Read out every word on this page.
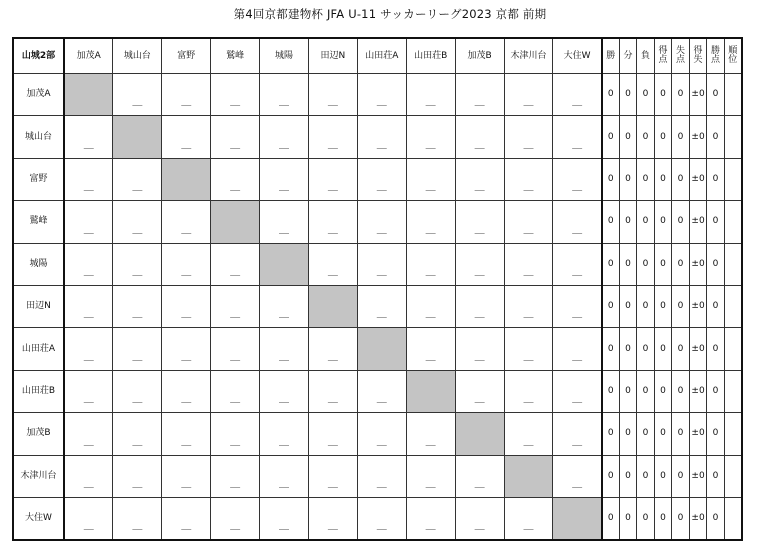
第4回京都建物杯 JFA U-11 サッカーリーグ2023 京都 前期
山城2部	加茂A	城山台	富野	鷲峰	城陽	田辺N	山田荘A	山田荘B	加茂B	木津川台	大住W	勝	分	負	得点	失点	得失	勝点	順位
加茂A		＿	＿	＿	＿	＿	＿	＿	＿	＿	＿	0	0	0	0	0	±0	0	
城山台	＿		＿	＿	＿	＿	＿	＿	＿	＿	＿	0	0	0	0	0	±0	0	
富野	＿	＿		＿	＿	＿	＿	＿	＿	＿	＿	0	0	0	0	0	±0	0	
鷲峰	＿	＿	＿		＿	＿	＿	＿	＿	＿	＿	0	0	0	0	0	±0	0	
城陽	＿	＿	＿	＿		＿	＿	＿	＿	＿	＿	0	0	0	0	0	±0	0	
田辺N	＿	＿	＿	＿	＿		＿	＿	＿	＿	＿	0	0	0	0	0	±0	0	
山田荘A	＿	＿	＿	＿	＿	＿		＿	＿	＿	＿	0	0	0	0	0	±0	0	
山田荘B	＿	＿	＿	＿	＿	＿	＿		＿	＿	＿	0	0	0	0	0	±0	0	
加茂B	＿	＿	＿	＿	＿	＿	＿	＿		＿	＿	0	0	0	0	0	±0	0	
木津川台	＿	＿	＿	＿	＿	＿	＿	＿	＿		＿	0	0	0	0	0	±0	0	
大住W	＿	＿	＿	＿	＿	＿	＿	＿	＿	＿		0	0	0	0	0	±0	0	
